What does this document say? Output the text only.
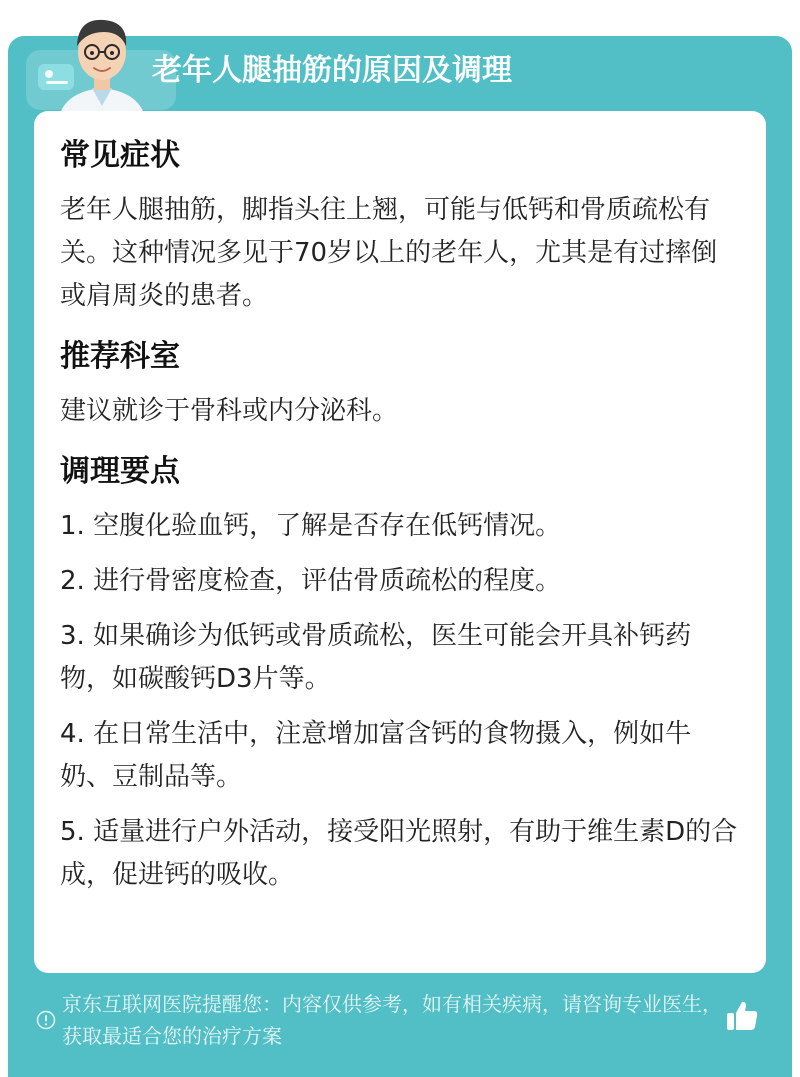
老年人腿抽筋的原因及调理
常见症状

老年人腿抽筋，脚指头往上翘，可能与低钙和骨质疏松有关。这种情况多见于70岁以上的老年人，尤其是有过摔倒或肩周炎的患者。

推荐科室

建议就诊于骨科或内分泌科。

调理要点

1. 空腹化验血钙，了解是否存在低钙情况。

2. 进行骨密度检查，评估骨质疏松的程度。

3. 如果确诊为低钙或骨质疏松，医生可能会开具补钙药物，如碳酸钙D3片等。

4. 在日常生活中，注意增加富含钙的食物摄入，例如牛奶、豆制品等。

5. 适量进行户外活动，接受阳光照射，有助于维生素D的合成，促进钙的吸收。

京东互联网医院提醒您：内容仅供参考，如有相关疾病，请咨询专业医生，获取最适合您的治疗方案
